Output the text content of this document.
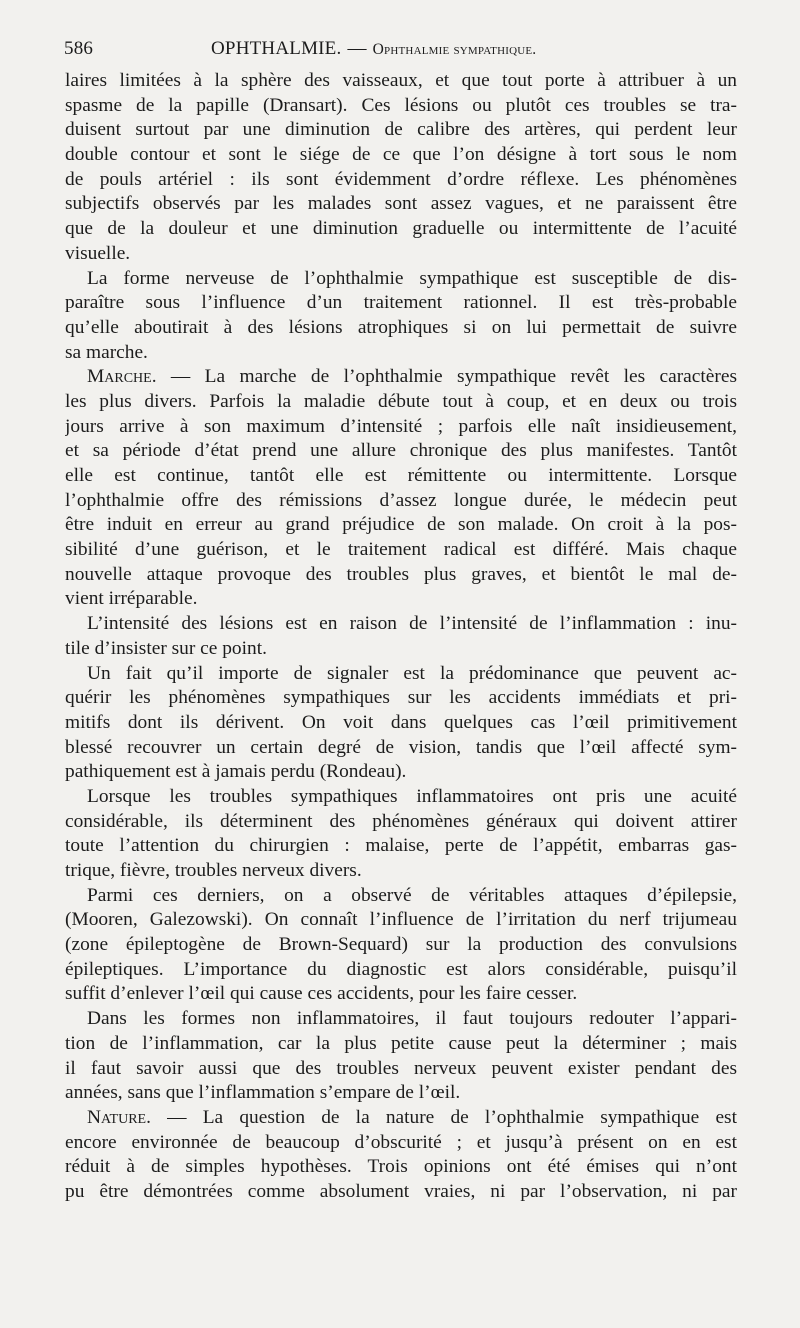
586	OPHTHALMIE. — Ophthalmie sympathique.
laires limitées à la sphère des vaisseaux, et que tout porte à attribuer à un
spasme de la papille (Dransart). Ces lésions ou plutôt ces troubles se tra-
duisent surtout par une diminution de calibre des artères, qui perdent leur
double contour et sont le siége de ce que l’on désigne à tort sous le nom
de pouls artériel : ils sont évidemment d’ordre réflexe. Les phénomènes
subjectifs observés par les malades sont assez vagues, et ne paraissent être
que de la douleur et une diminution graduelle ou intermittente de l’acuité
visuelle.
La forme nerveuse de l’ophthalmie sympathique est susceptible de dis-
paraître sous l’influence d’un traitement rationnel. Il est très-probable
qu’elle aboutirait à des lésions atrophiques si on lui permettait de suivre
sa marche.
Marche. — La marche de l’ophthalmie sympathique revêt les caractères
les plus divers. Parfois la maladie débute tout à coup, et en deux ou trois
jours arrive à son maximum d’intensité ; parfois elle naît insidieusement,
et sa période d’état prend une allure chronique des plus manifestes. Tantôt
elle est continue, tantôt elle est rémittente ou intermittente. Lorsque
l’ophthalmie offre des rémissions d’assez longue durée, le médecin peut
être induit en erreur au grand préjudice de son malade. On croit à la pos-
sibilité d’une guérison, et le traitement radical est différé. Mais chaque
nouvelle attaque provoque des troubles plus graves, et bientôt le mal de-
vient irréparable.
L’intensité des lésions est en raison de l’intensité de l’inflammation : inu-
tile d’insister sur ce point.
Un fait qu’il importe de signaler est la prédominance que peuvent ac-
quérir les phénomènes sympathiques sur les accidents immédiats et pri-
mitifs dont ils dérivent. On voit dans quelques cas l’œil primitivement
blessé recouvrer un certain degré de vision, tandis que l’œil affecté sym-
pathiquement est à jamais perdu (Rondeau).
Lorsque les troubles sympathiques inflammatoires ont pris une acuité
considérable, ils déterminent des phénomènes généraux qui doivent attirer
toute l’attention du chirurgien : malaise, perte de l’appétit, embarras gas-
trique, fièvre, troubles nerveux divers.
Parmi ces derniers, on a observé de véritables attaques d’épilepsie,
(Mooren, Galezowski). On connaît l’influence de l’irritation du nerf trijumeau
(zone épileptogène de Brown-Sequard) sur la production des convulsions
épileptiques. L’importance du diagnostic est alors considérable, puisqu’il
suffit d’enlever l’œil qui cause ces accidents, pour les faire cesser.
Dans les formes non inflammatoires, il faut toujours redouter l’appari-
tion de l’inflammation, car la plus petite cause peut la déterminer ; mais
il faut savoir aussi que des troubles nerveux peuvent exister pendant des
années, sans que l’inflammation s’empare de l’œil.
Nature. — La question de la nature de l’ophthalmie sympathique est
encore environnée de beaucoup d’obscurité ; et jusqu’à présent on en est
réduit à de simples hypothèses. Trois opinions ont été émises qui n’ont
pu être démontrées comme absolument vraies, ni par l’observation, ni par
